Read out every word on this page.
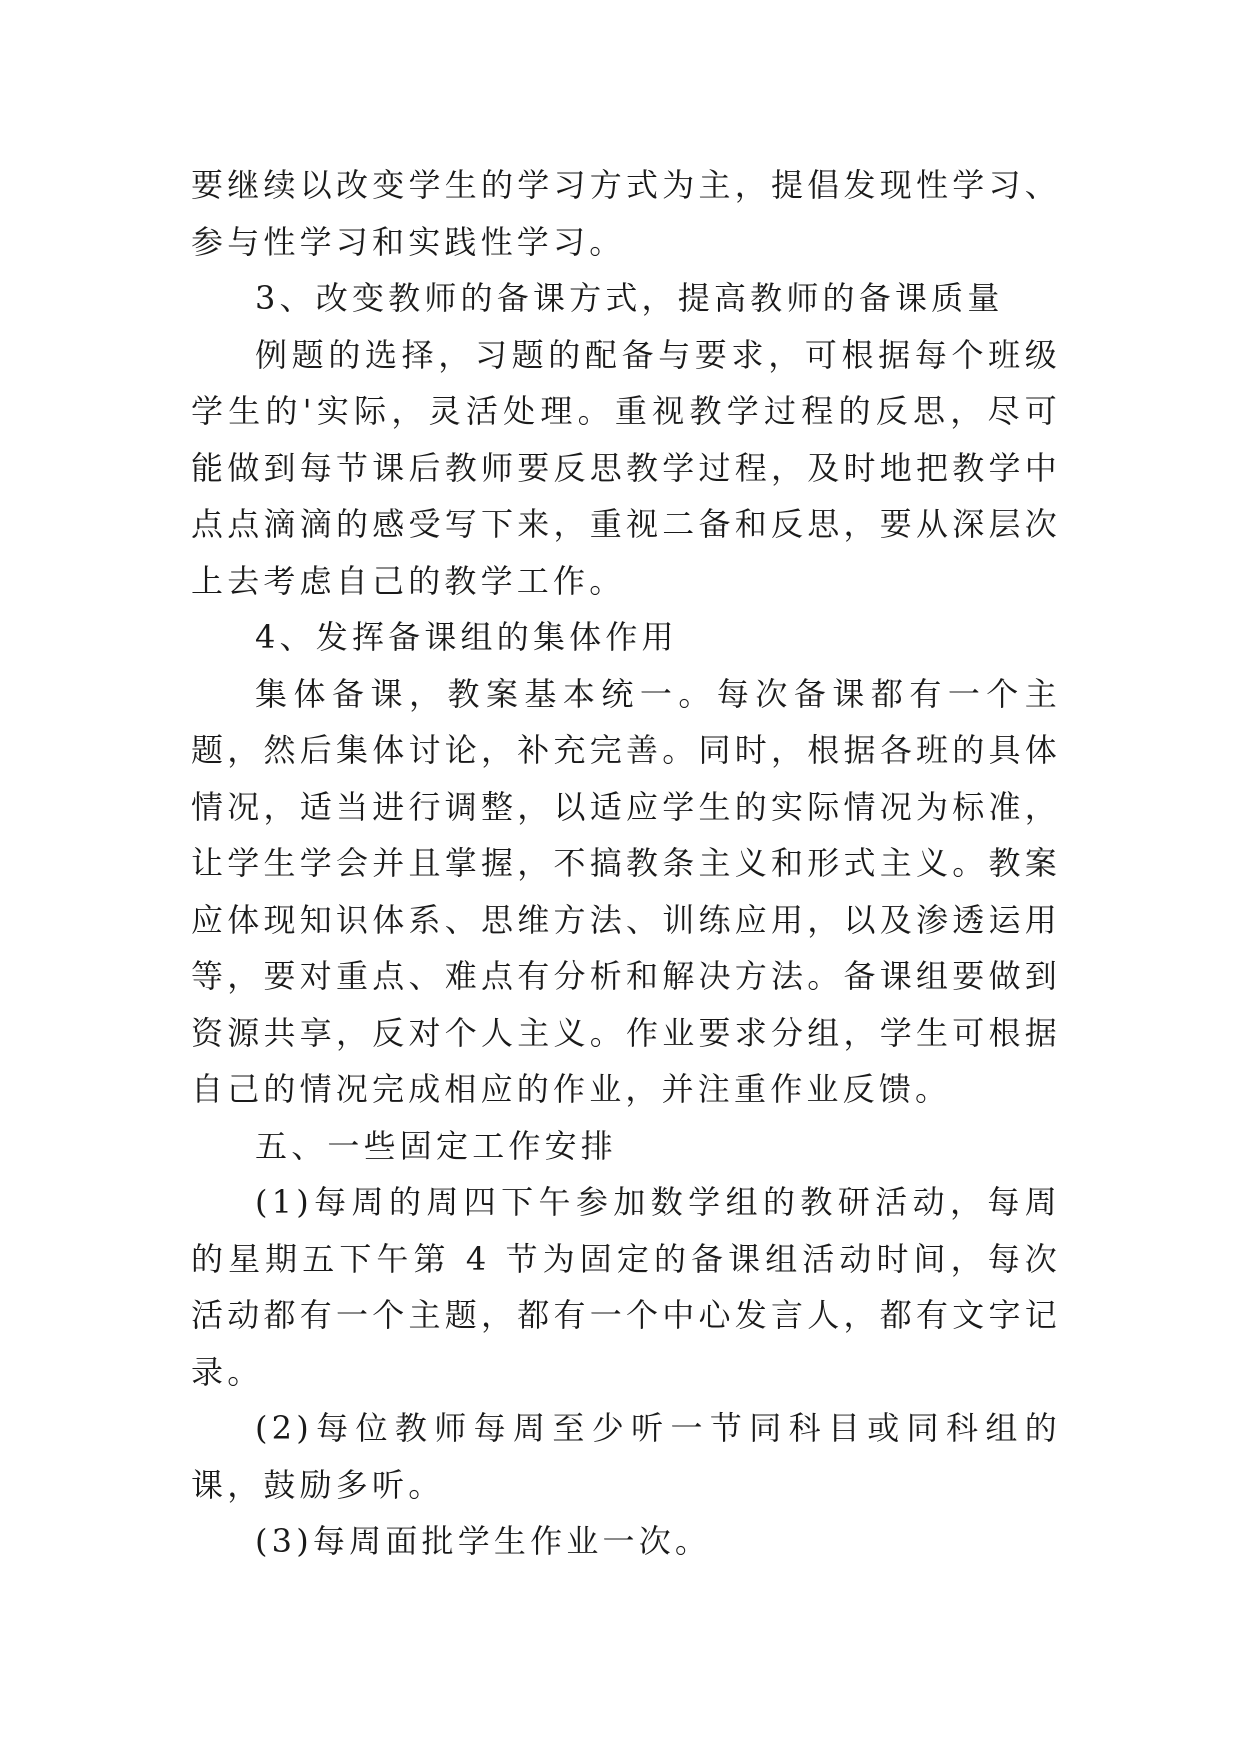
要继续以改变学生的学习方式为主，提倡发现性学习、参与性学习和实践性学习。

3、改变教师的备课方式，提高教师的备课质量

例题的选择，习题的配备与要求，可根据每个班级学生的'实际，灵活处理。重视教学过程的反思，尽可能做到每节课后教师要反思教学过程，及时地把教学中点点滴滴的感受写下来，重视二备和反思，要从深层次上去考虑自己的教学工作。

4、发挥备课组的集体作用

集体备课，教案基本统一。每次备课都有一个主题，然后集体讨论，补充完善。同时，根据各班的具体情况，适当进行调整，以适应学生的实际情况为标准，让学生学会并且掌握，不搞教条主义和形式主义。教案应体现知识体系、思维方法、训练应用，以及渗透运用等，要对重点、难点有分析和解决方法。备课组要做到资源共享，反对个人主义。作业要求分组，学生可根据自己的情况完成相应的作业，并注重作业反馈。

五、一些固定工作安排

(1)每周的周四下午参加数学组的教研活动，每周的星期五下午第 4 节为固定的备课组活动时间，每次活动都有一个主题，都有一个中心发言人，都有文字记录。

(2)每位教师每周至少听一节同科目或同科组的课，鼓励多听。

(3)每周面批学生作业一次。
